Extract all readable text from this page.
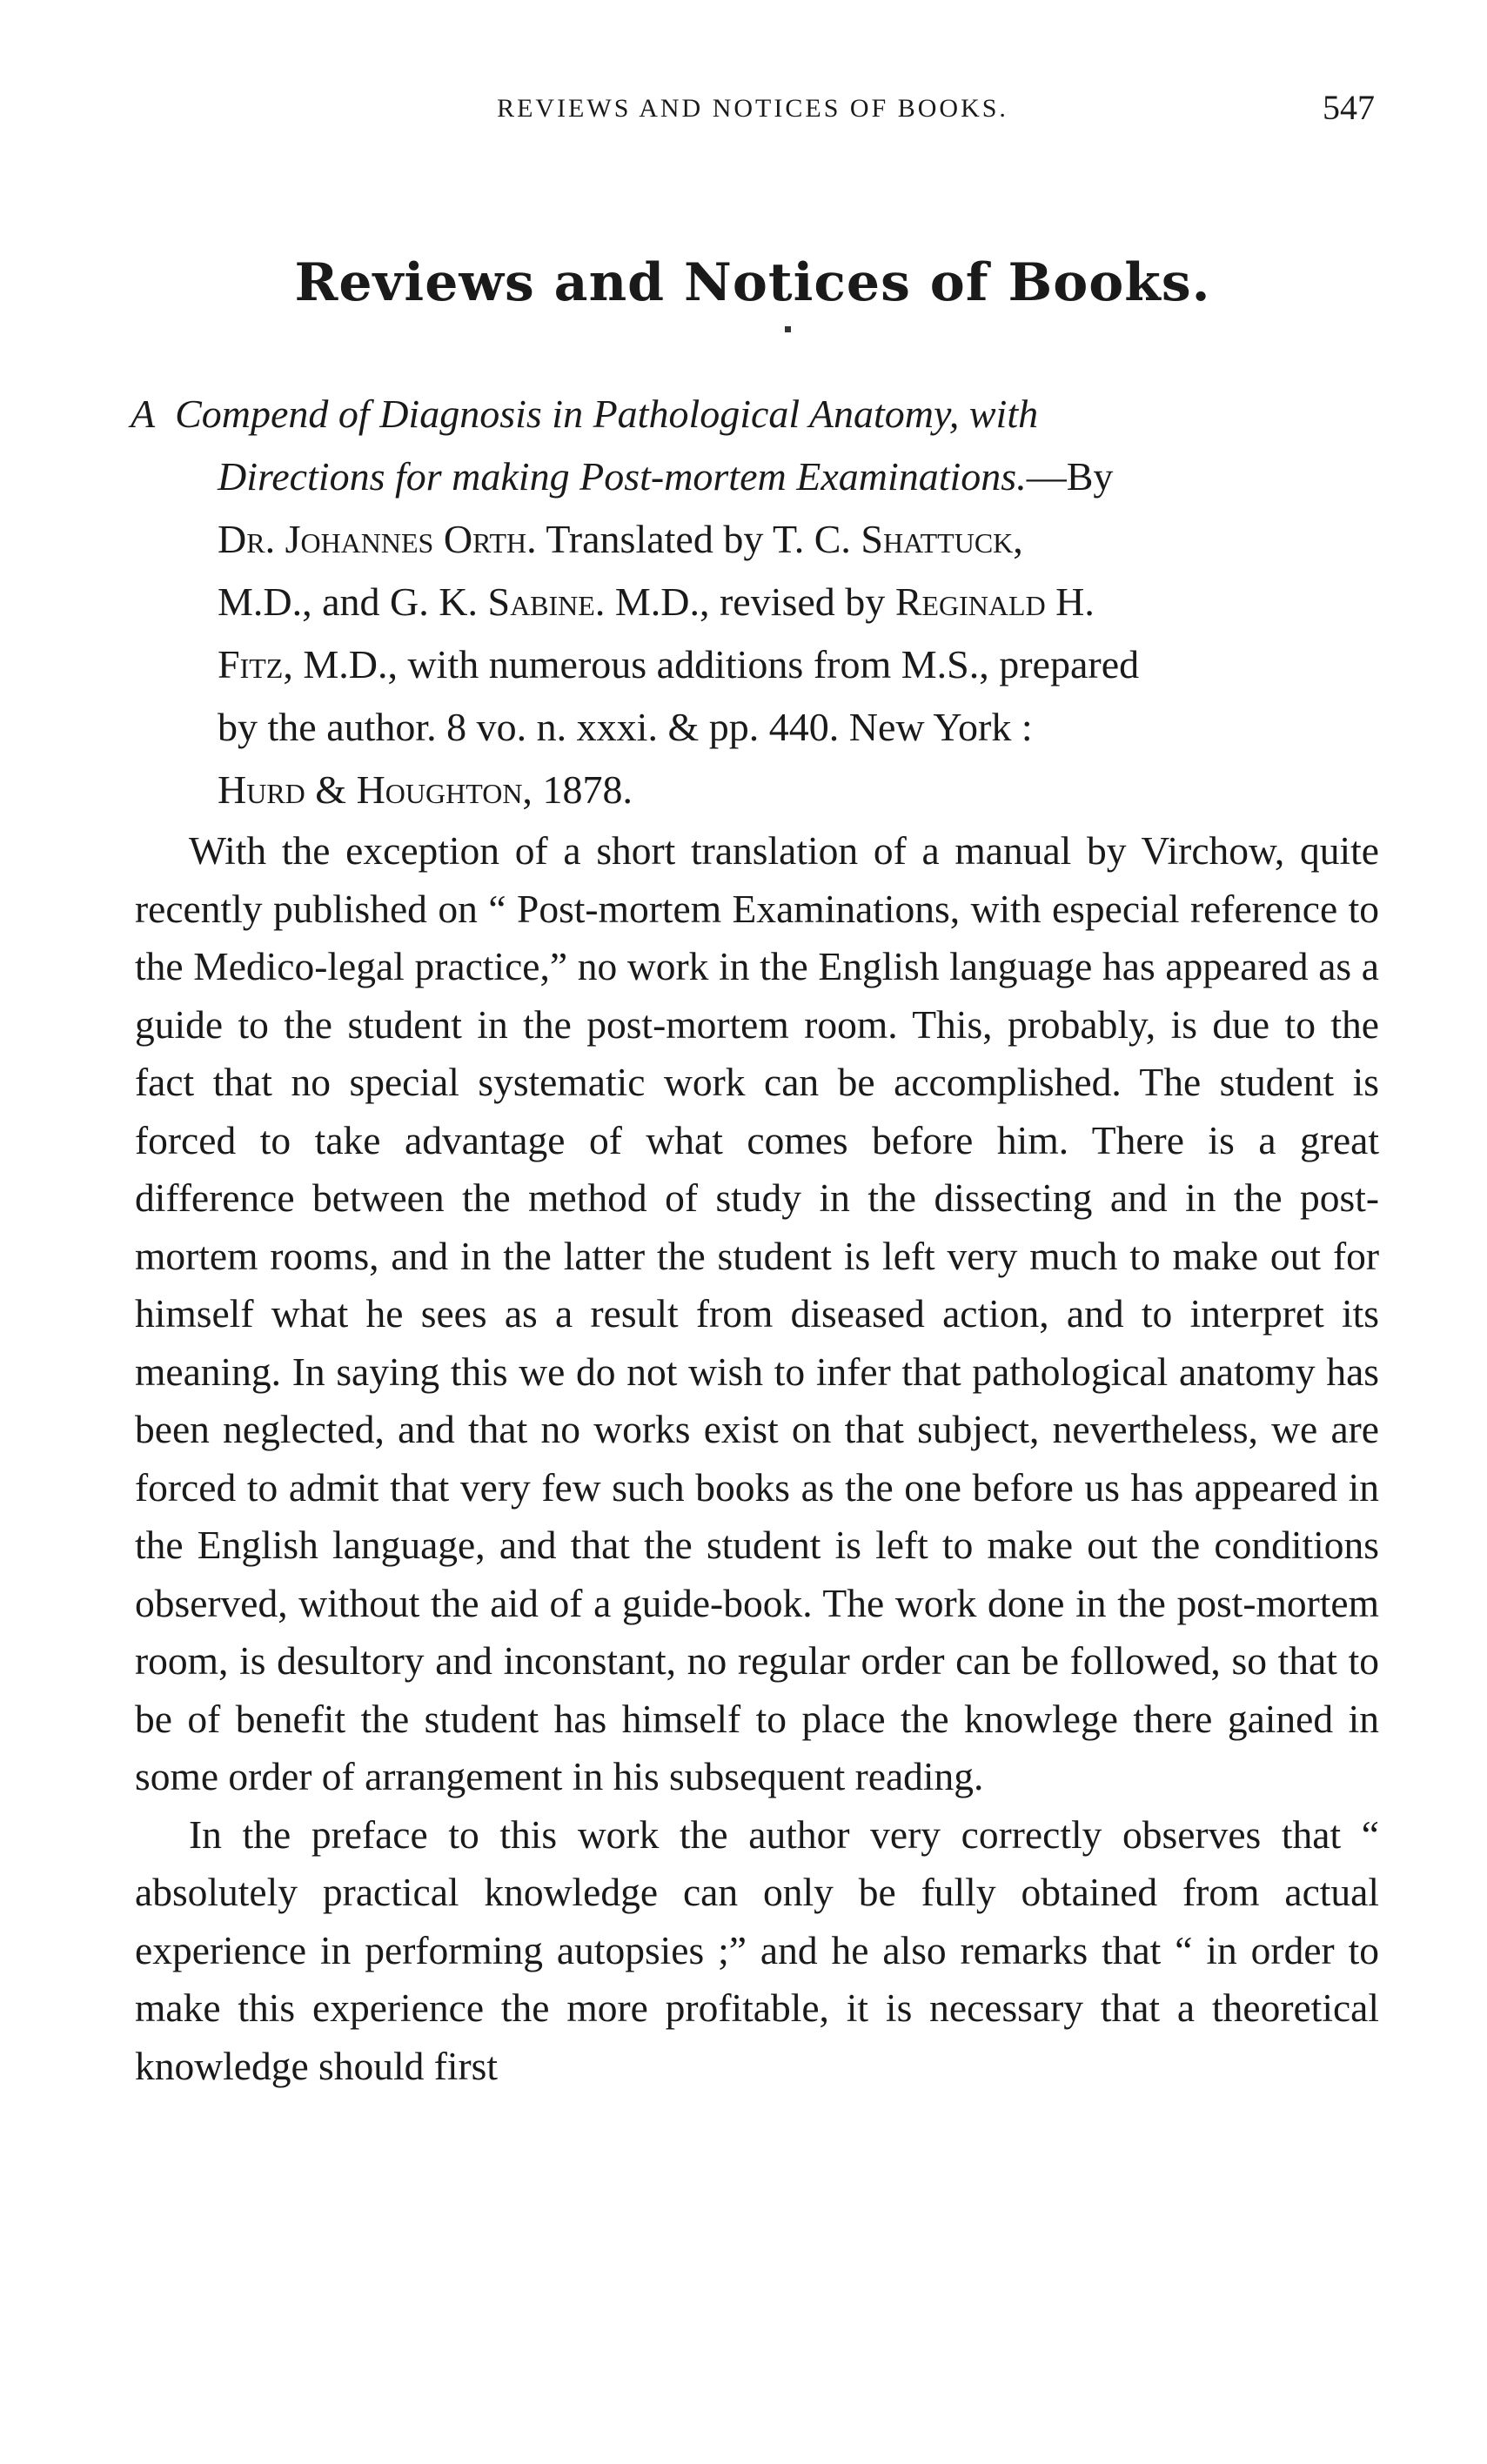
REVIEWS AND NOTICES OF BOOKS.	547
Reviews and Notices of Books.
A Compend of Diagnosis in Pathological Anatomy, with
Directions for making Post-mortem Examinations.—By
Dr. Johannes Orth. Translated by T. C. Shattuck,
M.D., and G. K. Sabine. M.D., revised by Reginald H.
Fitz, M.D., with numerous additions from M.S., prepared
by the author. 8 vo. n. xxxi. & pp. 440. New York :
Hurd & Houghton, 1878.

With the exception of a short translation of a manual by Virchow, quite recently published on “ Post-mortem Examinations, with especial reference to the Medico-legal practice,” no work in the English language has appeared as a guide to the student in the post-mortem room. This, probably, is due to the fact that no special systematic work can be accomplished. The student is forced to take advantage of what comes before him. There is a great difference between the method of study in the dissecting and in the post-mortem rooms, and in the latter the student is left very much to make out for himself what he sees as a result from diseased action, and to interpret its meaning. In saying this we do not wish to infer that pathological anatomy has been neglected, and that no works exist on that subject, nevertheless, we are forced to admit that very few such books as the one before us has appeared in the English language, and that the student is left to make out the conditions observed, without the aid of a guide-book. The work done in the post-mortem room, is desultory and inconstant, no regular order can be followed, so that to be of benefit the student has himself to place the knowlege there gained in some order of arrangement in his subsequent reading.

In the preface to this work the author very correctly observes that “ absolutely practical knowledge can only be fully obtained from actual experience in performing autopsies ;” and he also remarks that “ in order to make this experience the more profitable, it is necessary that a theoretical knowledge should first
